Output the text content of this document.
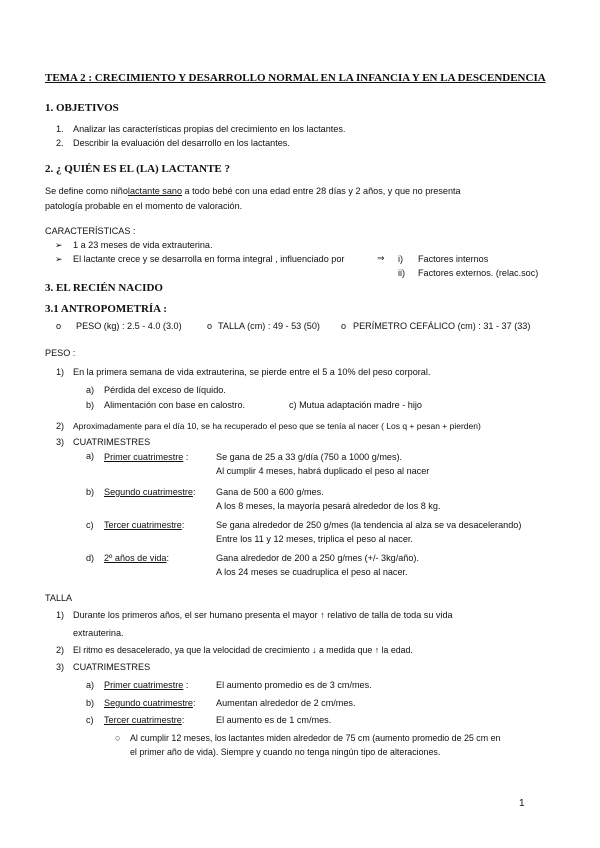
TEMA 2 : CRECIMIENTO Y DESARROLLO NORMAL EN LA INFANCIA Y EN LA DESCENDENCIA
1. OBJETIVOS
1. Analizar las características propias del crecimiento en los lactantes.
2. Describir la evaluación del desarrollo en los lactantes.
2. ¿ QUIÉN ES EL (LA) LACTANTE ?
Se define como niñolactante sano a todo bebé con una edad entre 28 días y 2 años, y que no presenta
patología probable en el momento de valoración.
CARACTERÍSTICAS :
➢ 1 a 23 meses de vida extrauterina.
➢ El lactante crece y se desarrolla en forma integral , influenciado por	⇒ i) Factores internos
ii) Factores externos. (relac.soc)
3. EL RECIÉN NACIDO
3.1 ANTROPOMETRÍA :
o PESO (kg) : 2.5 - 4.0 (3.0)	o TALLA (cm) : 49 - 53 (50) o PERÍMETRO CEFÁLICO (cm) : 31 - 37 (33)
PESO :
1) En la primera semana de vida extrauterina, se pierde entre el 5 a 10% del peso corporal.
a) Pérdida del exceso de líquido.
b) Alimentación con base en calostro.	c) Mutua adaptación madre - hijo
2) Aproximadamente para el día 10, se ha recuperado el peso que se tenía al nacer ( Los q + pesan + pierden)
3) CUATRIMESTRES
a) Primer cuatrimestre :	Se gana de 25 a 33 g/día (750 a 1000 g/mes).
Al cumplir 4 meses, habrá duplicado el peso al nacer
b) Segundo cuatrimestre: Gana de 500 a 600 g/mes.
A los 8 meses, la mayoría pesará alrededor de los 8 kg.
c) Tercer cuatrimestre:	Se gana alrededor de 250 g/mes (la tendencia al alza se va desacelerando)
Entre los 11 y 12 meses, triplica el peso al nacer.
d) 2º años de vida:	Gana alrededor de 200 a 250 g/mes (+/- 3kg/año).
A los 24 meses se cuadruplica el peso al nacer.
TALLA
1) Durante los primeros años, el ser humano presenta el mayor ↑ relativo de talla de toda su vida
extrauterina.
2) El ritmo es desacelerado, ya que la velocidad de crecimiento ↓ a medida que ↑ la edad.
3) CUATRIMESTRES
a) Primer cuatrimestre :	El aumento promedio es de 3 cm/mes.
b) Segundo cuatrimestre: Aumentan alrededor de 2 cm/mes.
c) Tercer cuatrimestre:	El aumento es de 1 cm/mes.
○ Al cumplir 12 meses, los lactantes miden alrededor de 75 cm (aumento promedio de 25 cm en
el primer año de vida). Siempre y cuando no tenga ningún tipo de alteraciones.
1
